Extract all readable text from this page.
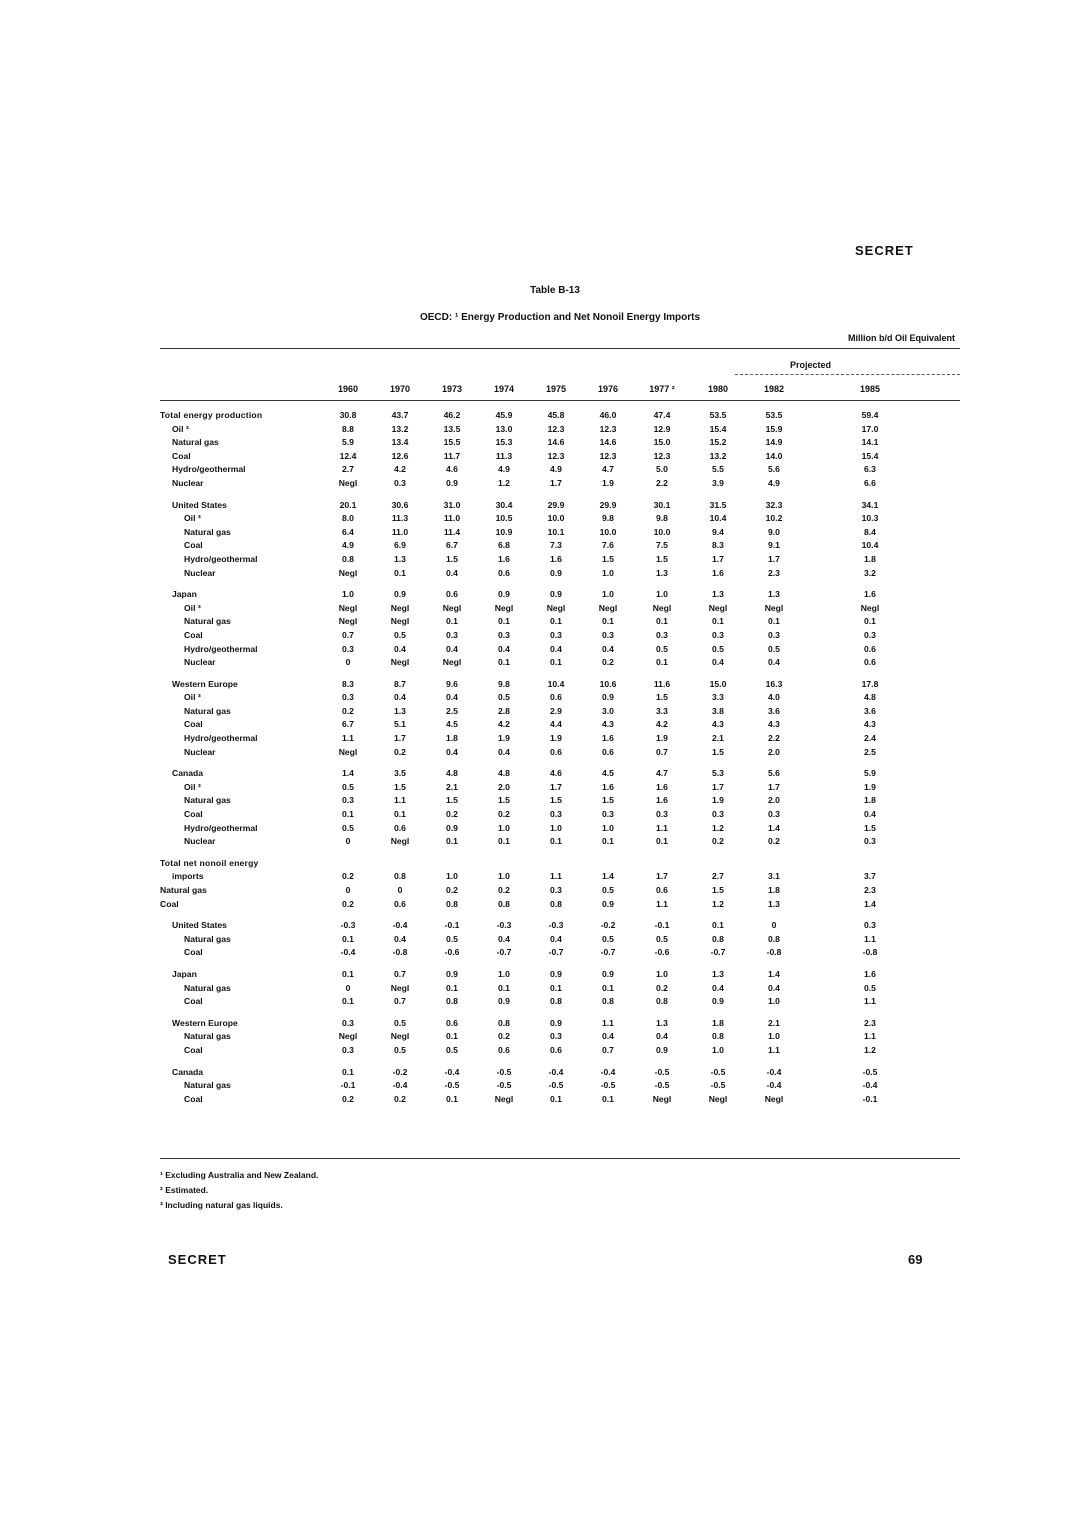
SECRET
Table B-13
OECD: ¹ Energy Production and Net Nonoil Energy Imports
Million b/d Oil Equivalent
Projected
1960	1970	1973	1974	1975	1976	1977 ²	1980	1982	1985
Total energy production	30.8	43.7	46.2	45.9	45.8	46.0	47.4	53.5	53.5	59.4
Oil ³	8.8	13.2	13.5	13.0	12.3	12.3	12.9	15.4	15.9	17.0
Natural gas	5.9	13.4	15.5	15.3	14.6	14.6	15.0	15.2	14.9	14.1
Coal	12.4	12.6	11.7	11.3	12.3	12.3	12.3	13.2	14.0	15.4
Hydro/geothermal	2.7	4.2	4.6	4.9	4.9	4.7	5.0	5.5	5.6	6.3
Nuclear	Negl	0.3	0.9	1.2	1.7	1.9	2.2	3.9	4.9	6.6
United States	20.1	30.6	31.0	30.4	29.9	29.9	30.1	31.5	32.3	34.1
Oil ³	8.0	11.3	11.0	10.5	10.0	9.8	9.8	10.4	10.2	10.3
Natural gas	6.4	11.0	11.4	10.9	10.1	10.0	10.0	9.4	9.0	8.4
Coal	4.9	6.9	6.7	6.8	7.3	7.6	7.5	8.3	9.1	10.4
Hydro/geothermal	0.8	1.3	1.5	1.6	1.6	1.5	1.5	1.7	1.7	1.8
Nuclear	Negl	0.1	0.4	0.6	0.9	1.0	1.3	1.6	2.3	3.2
Japan	1.0	0.9	0.6	0.9	0.9	1.0	1.0	1.3	1.3	1.6
Oil ³	Negl	Negl	Negl	Negl	Negl	Negl	Negl	Negl	Negl	Negl
Natural gas	Negl	Negl	0.1	0.1	0.1	0.1	0.1	0.1	0.1	0.1
Coal	0.7	0.5	0.3	0.3	0.3	0.3	0.3	0.3	0.3	0.3
Hydro/geothermal	0.3	0.4	0.4	0.4	0.4	0.4	0.5	0.5	0.5	0.6
Nuclear	0	Negl	Negl	0.1	0.1	0.2	0.1	0.4	0.4	0.6
Western Europe	8.3	8.7	9.6	9.8	10.4	10.6	11.6	15.0	16.3	17.8
Oil ³	0.3	0.4	0.4	0.5	0.6	0.9	1.5	3.3	4.0	4.8
Natural gas	0.2	1.3	2.5	2.8	2.9	3.0	3.3	3.8	3.6	3.6
Coal	6.7	5.1	4.5	4.2	4.4	4.3	4.2	4.3	4.3	4.3
Hydro/geothermal	1.1	1.7	1.8	1.9	1.9	1.6	1.9	2.1	2.2	2.4
Nuclear	Negl	0.2	0.4	0.4	0.6	0.6	0.7	1.5	2.0	2.5
Canada	1.4	3.5	4.8	4.8	4.6	4.5	4.7	5.3	5.6	5.9
Oil ³	0.5	1.5	2.1	2.0	1.7	1.6	1.6	1.7	1.7	1.9
Natural gas	0.3	1.1	1.5	1.5	1.5	1.5	1.6	1.9	2.0	1.8
Coal	0.1	0.1	0.2	0.2	0.3	0.3	0.3	0.3	0.3	0.4
Hydro/geothermal	0.5	0.6	0.9	1.0	1.0	1.0	1.1	1.2	1.4	1.5
Nuclear	0	Negl	0.1	0.1	0.1	0.1	0.1	0.2	0.2	0.3
Total net nonoil energy
imports	0.2	0.8	1.0	1.0	1.1	1.4	1.7	2.7	3.1	3.7
Natural gas	0	0	0.2	0.2	0.3	0.5	0.6	1.5	1.8	2.3
Coal	0.2	0.6	0.8	0.8	0.8	0.9	1.1	1.2	1.3	1.4
United States	-0.3	-0.4	-0.1	-0.3	-0.3	-0.2	-0.1	0.1	0	0.3
Natural gas	0.1	0.4	0.5	0.4	0.4	0.5	0.5	0.8	0.8	1.1
Coal	-0.4	-0.8	-0.6	-0.7	-0.7	-0.7	-0.6	-0.7	-0.8	-0.8
Japan	0.1	0.7	0.9	1.0	0.9	0.9	1.0	1.3	1.4	1.6
Natural gas	0	Negl	0.1	0.1	0.1	0.1	0.2	0.4	0.4	0.5
Coal	0.1	0.7	0.8	0.9	0.8	0.8	0.8	0.9	1.0	1.1
Western Europe	0.3	0.5	0.6	0.8	0.9	1.1	1.3	1.8	2.1	2.3
Natural gas	Negl	Negl	0.1	0.2	0.3	0.4	0.4	0.8	1.0	1.1
Coal	0.3	0.5	0.5	0.6	0.6	0.7	0.9	1.0	1.1	1.2
Canada	0.1	-0.2	-0.4	-0.5	-0.4	-0.4	-0.5	-0.5	-0.4	-0.5
Natural gas	-0.1	-0.4	-0.5	-0.5	-0.5	-0.5	-0.5	-0.5	-0.4	-0.4
Coal	0.2	0.2	0.1	Negl	0.1	0.1	Negl	Negl	Negl	-0.1
¹ Excluding Australia and New Zealand.
² Estimated.
³ Including natural gas liquids.
SECRET	69
